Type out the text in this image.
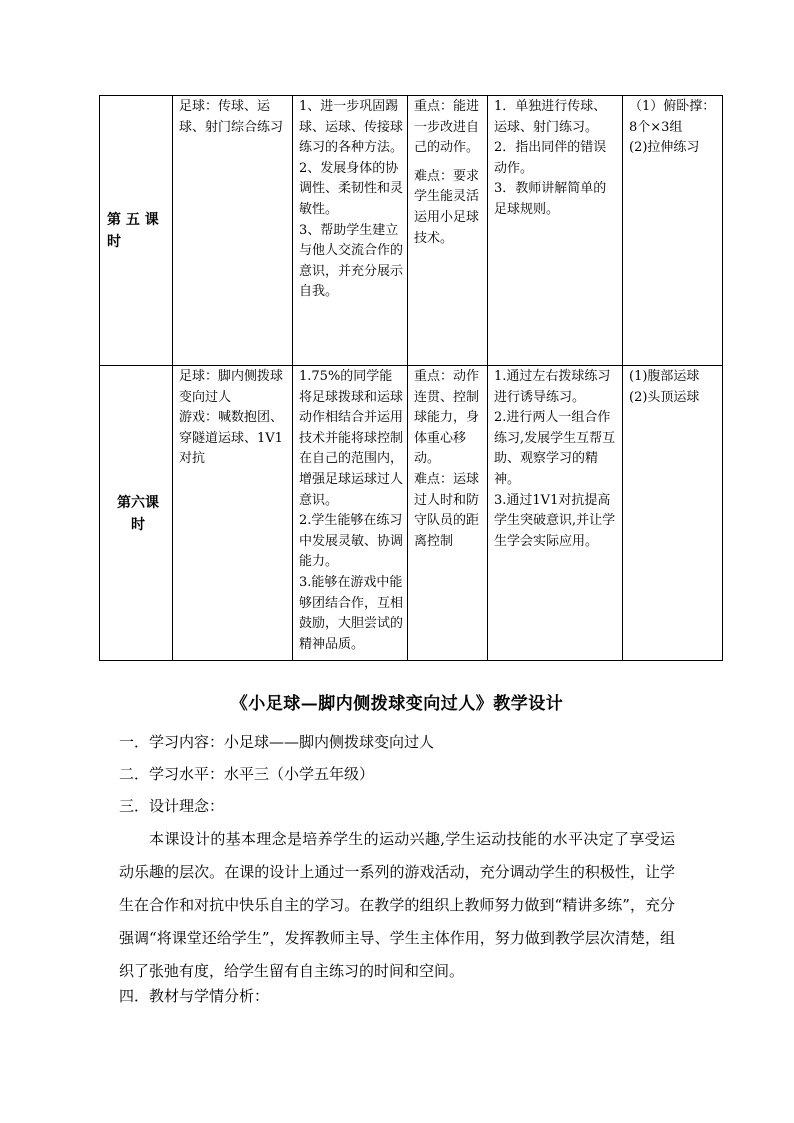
第 五 课
时	足球：传球、运球、射门综合练习	1、进一步巩固踢球、运球、传接球练习的各种方法。
2、发展身体的协调性、柔韧性和灵敏性。
3、帮助学生建立与他人交流合作的意识，并充分展示自我。	重点：能进一步改进自己的动作。
难点：要求学生能灵活运用小足球技术。	1．单独进行传球、运球、射门练习。
2．指出同伴的错误动作。
3．教师讲解简单的足球规则。	（1）俯卧撑：8个×3组
(2)拉伸练习

第六课
时	足球：脚内侧拨球变向过人
游戏：喊数抱团、穿隧道运球、1V1对抗	1.75%的同学能将足球拨球和运球动作相结合并运用技术并能将球控制在自己的范围内，增强足球运球过人意识。
2.学生能够在练习中发展灵敏、协调能力。
3.能够在游戏中能够团结合作，互相鼓励，大胆尝试的精神品质。	重点：动作连贯、控制球能力，身体重心移动。
难点：运球过人时和防守队员的距离控制	1.通过左右拨球练习进行诱导练习。
2.进行两人一组合作练习,发展学生互帮互助、观察学习的精神。
3.通过1V1对抗提高学生突破意识,并让学生学会实际应用。	(1)腹部运球
(2)头顶运球
《小足球—脚内侧拨球变向过人》教学设计
一．学习内容：小足球——脚内侧拨球变向过人
二．学习水平：水平三（小学五年级）
三．设计理念：
本课设计的基本理念是培养学生的运动兴趣,学生运动技能的水平决定了享受运动乐趣的层次。在课的设计上通过一系列的游戏活动，充分调动学生的积极性，让学生在合作和对抗中快乐自主的学习。在教学的组织上教师努力做到“精讲多练”，充分强调“将课堂还给学生”，发挥教师主导、学生主体作用，努力做到教学层次清楚，组织了张弛有度，给学生留有自主练习的时间和空间。
四．教材与学情分析：
